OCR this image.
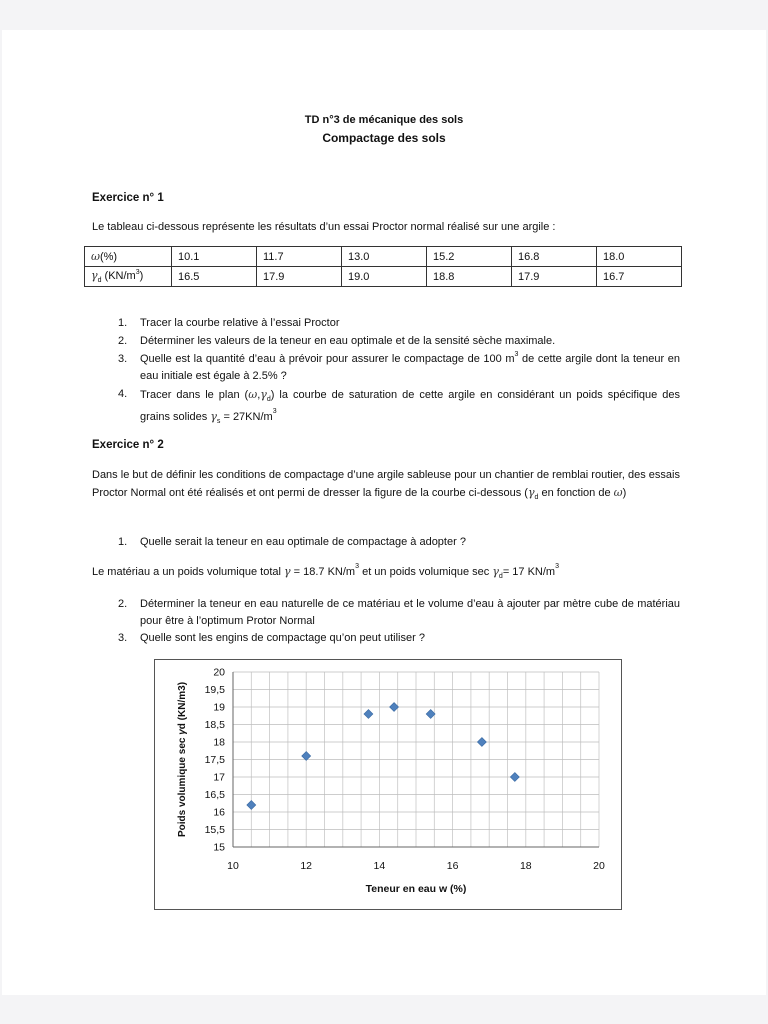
TD n°3 de mécanique des sols
Compactage des sols
Exercice n° 1
Le tableau ci-dessous représente les résultats d’un essai Proctor normal réalisé sur une argile :
ω(%)	10.1	11.7	13.0	15.2	16.8	18.0
$\gamma_d$ $(KN/m^3)$	16.5	17.9	19.0	18.8	17.9	16.7
1. Tracer la courbe relative à l’essai Proctor
2. Déterminer les valeurs de la teneur en eau optimale et de la sensité sèche maximale.
3. Quelle est la quantité d’eau à prévoir pour assurer le compactage de 100 $m^3$ de cette argile dont la teneur en eau initiale est égale à 2.5% ?
4. Tracer dans le plan $(\omega,\gamma_d)$ la courbe de saturation de cette argile en considérant un poids spécifique des grains solides $\gamma_s = 27KN/m^3$
Exercice n° 2
Dans le but de définir les conditions de compactage d’une argile sableuse pour un chantier de remblai routier, des essais Proctor Normal ont été réalisés et ont permi de dresser la figure de la courbe ci-dessous ($\gamma_d$ en fonction de ω)
1. Quelle serait la teneur en eau optimale de compactage à adopter ?
Le matériau a un poids volumique total γ = 18.7 $KN/m^3$ et un poids volumique $\sec \gamma_d= 17$ $KN/m^3$
2. Déterminer la teneur en eau naturelle de ce matériau et le volume d’eau à ajouter par mètre cube de matériau pour être à l’optimum Protor Normal
3. Quelle sont les engins de compactage qu’on peut utiliser ?
15
15,5
16
16,5
17
17,5
18
18,5
19
19,5
20
10	12	14	16	18	20
Teneur en eau w (%)
Poids volumique sec γd (KN/m3)
